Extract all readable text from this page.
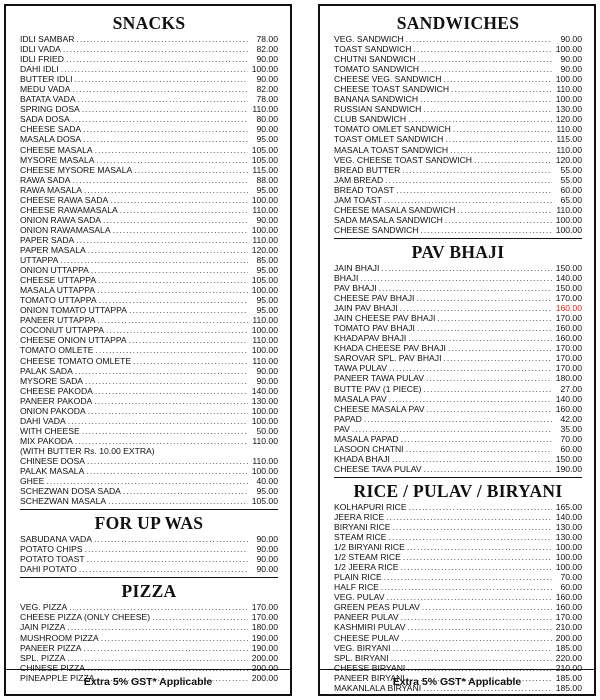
SNACKS
IDLI SAMBAR .....	78.00
IDLI VADA .....	82.00
IDLI FRIED .....	90.00
DAHI IDLI .....	100.00
BUTTER IDLI .....	90.00
MEDU VADA .....	82.00
BATATA VADA .....	78.00
SPRING DOSA .....	110.00
SADA DOSA .....	80.00
CHEESE SADA .....	90.00
MASALA DOSA .....	95.00
CHEESE MASALA .....	105.00
MYSORE MASALA .....	105.00
CHEESE MYSORE MASALA .....	115.00
RAWA SADA .....	88.00
RAWA MASALA .....	95.00
CHEESE RAWA SADA .....	100.00
CHEESE RAWAMASALA .....	110.00
ONION RAWA SADA .....	90.00
ONION RAWAMASALA .....	100.00
PAPER SADA .....	110.00
PAPER MASALA .....	120.00
UTTAPPA .....	85.00
ONION UTTAPPA .....	95.00
CHEESE UTTAPPA .....	105.00
MASALA UTTAPPA .....	100.00
TOMATO UTTAPPA .....	95.00
ONION TOMATO UTTAPPA .....	95.00
PANEER UTTAPPA .....	110.00
COCONUT UTTAPPA .....	100.00
CHEESE ONION UTTAPPA .....	110.00
TOMATO OMLETE .....	100.00
CHEESE TOMATO OMLETE .....	110.00
PALAK SADA .....	90.00
MYSORE SADA .....	90.00
CHEESE PAKODA .....	140.00
PANEER PAKODA .....	130.00
ONION PAKODA .....	100.00
DAHI VADA .....	100.00
WITH CHEESE .....	50.00
MIX PAKODA .....	110.00
(WITH BUTTER Rs. 10.00 EXTRA)
CHINESE DOSA .....	110.00
PALAK MASALA .....	100.00
GHEE .....	40.00
SCHEZWAN DOSA SADA .....	95.00
SCHEZWAN MASALA .....	105.00
FOR UP WAS
SABUDANA VADA .....	90.00
POTATO CHIPS .....	90.00
POTATO TOAST .....	90.00
DAHI POTATO .....	90.00
PIZZA
VEG. PIZZA .....	170.00
CHEESE PIZZA (ONLY CHEESE) .....	170.00
JAIN PIZZA .....	180.00
MUSHROOM PIZZA .....	190.00
PANEER PIZZA .....	190.00
SPL. PIZZA .....	200.00
CHINESE PIZZA .....	200.00
PINEAPPLE PIZZA .....	200.00
Extra 5% GST* Applicable
SANDWICHES
VEG. SANDWICH .....	90.00
TOAST SANDWICH .....	100.00
CHUTNI SANDWICH .....	90.00
TOMATO SANDWICH .....	90.00
CHEESE VEG. SANDWICH .....	100.00
CHEESE TOAST SANDWICH .....	110.00
BANANA SANDWICH .....	100.00
RUSSIAN SANDWICH .....	130.00
CLUB SANDWICH .....	120.00
TOMATO OMLET SANDWICH .....	110.00
TOAST OMLET SANDWICH .....	115.00
MASALA TOAST SANDWICH .....	110.00
VEG. CHEESE TOAST SANDWICH .....	120.00
BREAD BUTTER .....	55.00
JAM BREAD .....	55.00
BREAD TOAST .....	60.00
JAM TOAST .....	65.00
CHEESE MASALA SANDWICH .....	110.00
SADA MASALA SANDWICH .....	100.00
CHEESE SANDWICH .....	100.00
PAV BHAJI
JAIN BHAJI .....	150.00
BHAJI .....	140.00
PAV BHAJI .....	150.00
CHEESE PAV BHAJI .....	170.00
JAIN PAV BHAJI .....	160.00
JAIN CHEESE PAV BHAJI .....	170.00
TOMATO PAV BHAJI .....	160.00
KHADAPAV BHAJI .....	160.00
KHADA CHEESE PAV BHAJI .....	170.00
SAROVAR SPL. PAV BHAJI .....	170.00
TAWA PULAV .....	170.00
PANEER TAWA PULAV .....	180.00
BUTTE PAV (1 PIECE) .....	27.00
MASALA PAV .....	140.00
CHEESE MASALA PAV .....	160.00
PAPAD .....	42.00
PAV .....	35.00
MASALA PAPAD .....	70.00
LASOON CHATNI .....	60.00
KHADA BHAJI .....	150.00
CHEESE TAVA PULAV .....	190.00
RICE / PULAV / BIRYANI
KOLHAPURI RICE .....	165.00
JEERA RICE .....	140.00
BIRYANI RICE .....	130.00
STEAM RICE .....	130.00
1/2 BIRYANI RICE .....	100.00
1/2 STEAM RICE .....	100.00
1/2 JEERA RICE .....	100.00
PLAIN RICE .....	70.00
HALF RICE .....	60.00
VEG. PULAV .....	160.00
GREEN PEAS PULAV .....	160.00
PANEER PULAV .....	170.00
KASHMIRI PULAV .....	210.00
CHEESE PULAV .....	200.00
VEG. BIRYANI .....	185.00
SPL. BIRYANI .....	220.00
CHEESE BIRYANI .....	210.00
PANEER BIRYANI .....	185.00
MAKANLALA BIRYANI .....	185.00
Extra 5% GST* Applicable
